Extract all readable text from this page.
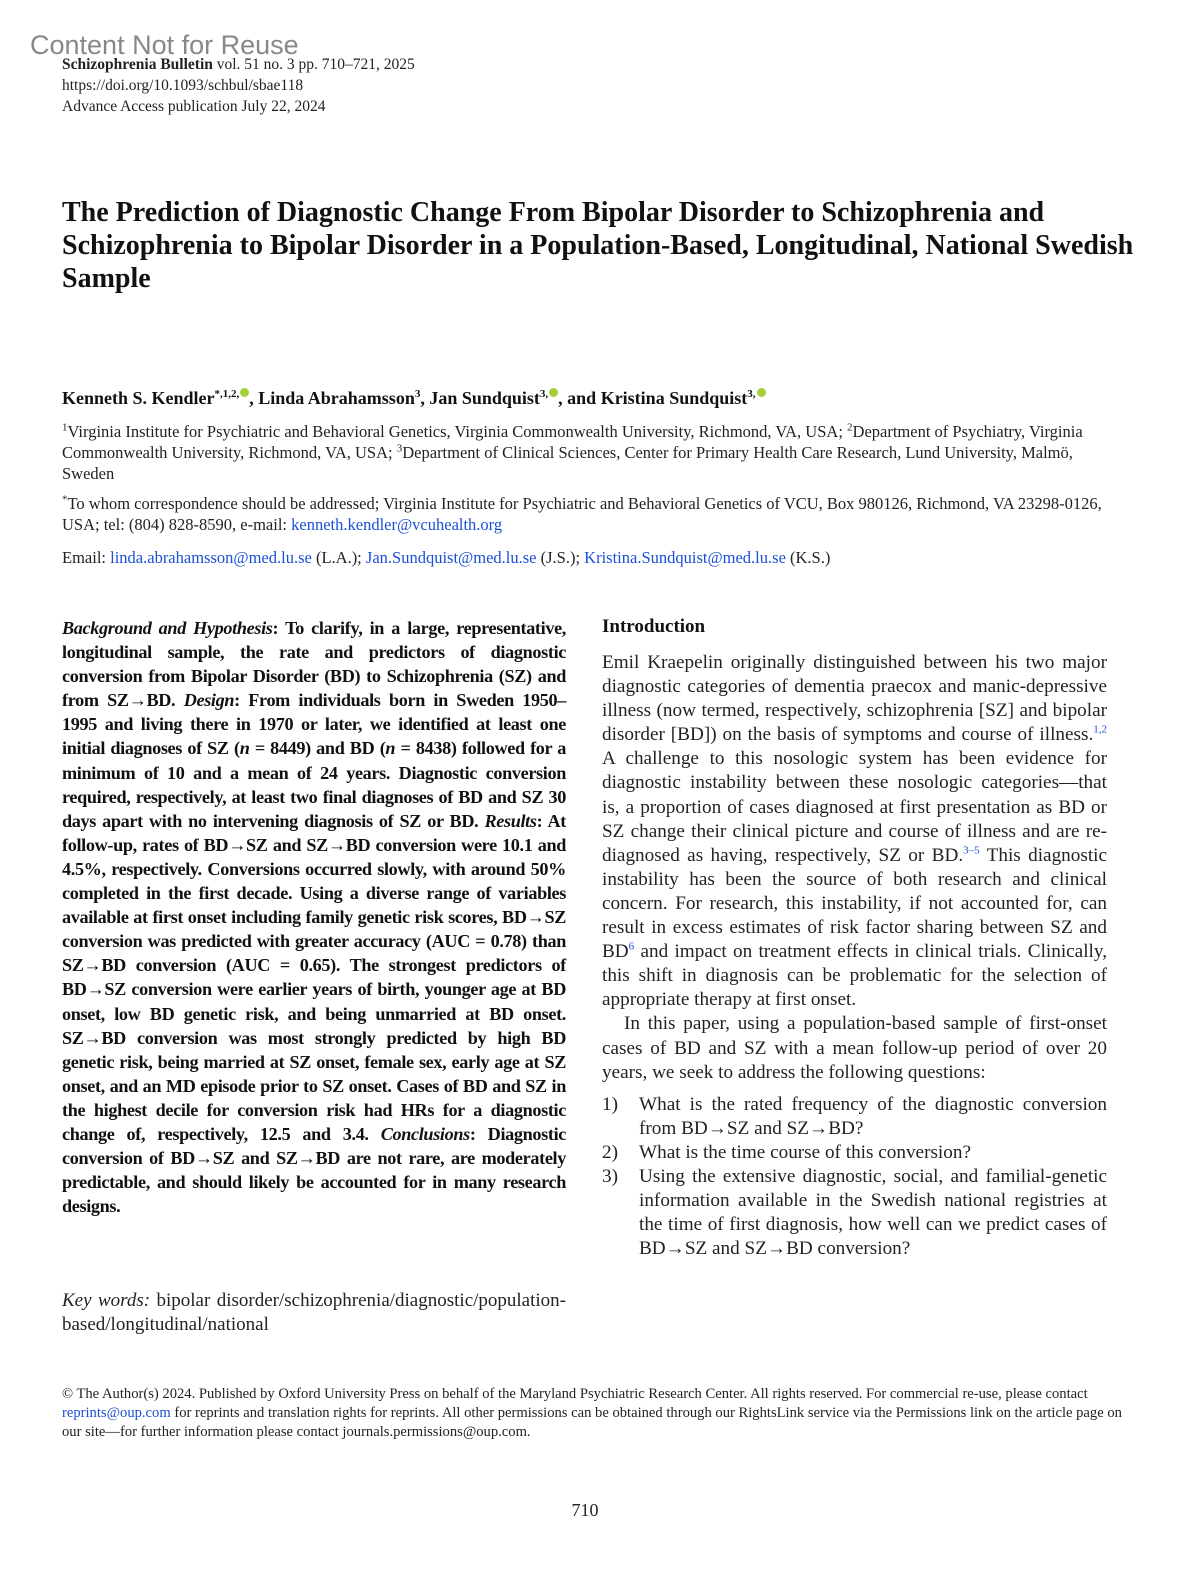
Content Not for Reuse
Schizophrenia Bulletin vol. 51 no. 3 pp. 710–721, 2025
https://doi.org/10.1093/schbul/sbae118
Advance Access publication July 22, 2024
The Prediction of Diagnostic Change From Bipolar Disorder to Schizophrenia and Schizophrenia to Bipolar Disorder in a Population-Based, Longitudinal, National Swedish Sample
Kenneth S. Kendler$^{*,1,2,}$ , Linda Abrahamsson$^3$, Jan Sundquist$^{3,}$ , and Kristina Sundquist$^{3,}$
$^1$Virginia Institute for Psychiatric and Behavioral Genetics, Virginia Commonwealth University, Richmond, VA, USA; $^2$Department of Psychiatry, Virginia Commonwealth University, Richmond, VA, USA; $^3$Department of Clinical Sciences, Center for Primary Health Care Research, Lund University, Malmö, Sweden
*To whom correspondence should be addressed; Virginia Institute for Psychiatric and Behavioral Genetics of VCU, Box 980126, Richmond, VA 23298-0126, USA; tel: (804) 828-8590, e-mail: kenneth.kendler@vcuhealth.org
Email: linda.abrahamsson@med.lu.se (L.A.); Jan.Sundquist@med.lu.se (J.S.); Kristina.Sundquist@med.lu.se (K.S.)
Background and Hypothesis: To clarify, in a large, representative, longitudinal sample, the rate and predictors of diagnostic conversion from Bipolar Disorder (BD) to Schizophrenia (SZ) and from SZ→BD. Design: From individuals born in Sweden 1950–1995 and living there in 1970 or later, we identified at least one initial diagnoses of SZ (n = 8449) and BD (n = 8438) followed for a minimum of 10 and a mean of 24 years. Diagnostic conversion required, respectively, at least two final diagnoses of BD and SZ 30 days apart with no intervening diagnosis of SZ or BD. Results: At follow-up, rates of BD→SZ and SZ→BD conversion were 10.1 and 4.5%, respectively. Conversions occurred slowly, with around 50% completed in the first decade. Using a diverse range of variables available at first onset including family genetic risk scores, BD→SZ conversion was predicted with greater accuracy (AUC = 0.78) than SZ→BD conversion (AUC = 0.65). The strongest predictors of BD→SZ conversion were earlier years of birth, younger age at BD onset, low BD genetic risk, and being unmarried at BD onset. SZ→BD conversion was most strongly predicted by high BD genetic risk, being married at SZ onset, female sex, early age at SZ onset, and an MD episode prior to SZ onset. Cases of BD and SZ in the highest decile for conversion risk had HRs for a diagnostic change of, respectively, 12.5 and 3.4. Conclusions: Diagnostic conversion of BD→SZ and SZ→BD are not rare, are moderately predictable, and should likely be accounted for in many research designs.
Key words: bipolar disorder/schizophrenia/diagnostic/population-based/longitudinal/national
Introduction

Emil Kraepelin originally distinguished between his two major diagnostic categories of dementia praecox and manic-depressive illness (now termed, respectively, schizophrenia [SZ] and bipolar disorder [BD]) on the basis of symptoms and course of illness.$^{1,2}$ A challenge to this nosologic system has been evidence for diagnostic instability between these nosologic categories—that is, a proportion of cases diagnosed at first presentation as BD or SZ change their clinical picture and course of illness and are re-diagnosed as having, respectively, SZ or BD.$^{3-5}$ This diagnostic instability has been the source of both research and clinical concern. For research, this instability, if not accounted for, can result in excess estimates of risk factor sharing between SZ and $BD^6$ and impact on treatment effects in clinical trials. Clinically, this shift in diagnosis can be problematic for the selection of appropriate therapy at first onset.

In this paper, using a population-based sample of first-onset cases of BD and SZ with a mean follow-up period of over 20 years, we seek to address the following questions:

1) What is the rated frequency of the diagnostic conversion from BD→SZ and SZ→BD?
2) What is the time course of this conversion?
3) Using the extensive diagnostic, social, and familial-genetic information available in the Swedish national registries at the time of first diagnosis, how well can we predict cases of BD→SZ and SZ→BD conversion?
© The Author(s) 2024. Published by Oxford University Press on behalf of the Maryland Psychiatric Research Center. All rights reserved. For commercial re-use, please contact reprints@oup.com for reprints and translation rights for reprints. All other permissions can be obtained through our RightsLink service via the Permissions link on the article page on our site—for further information please contact journals.permissions@oup.com.
710
